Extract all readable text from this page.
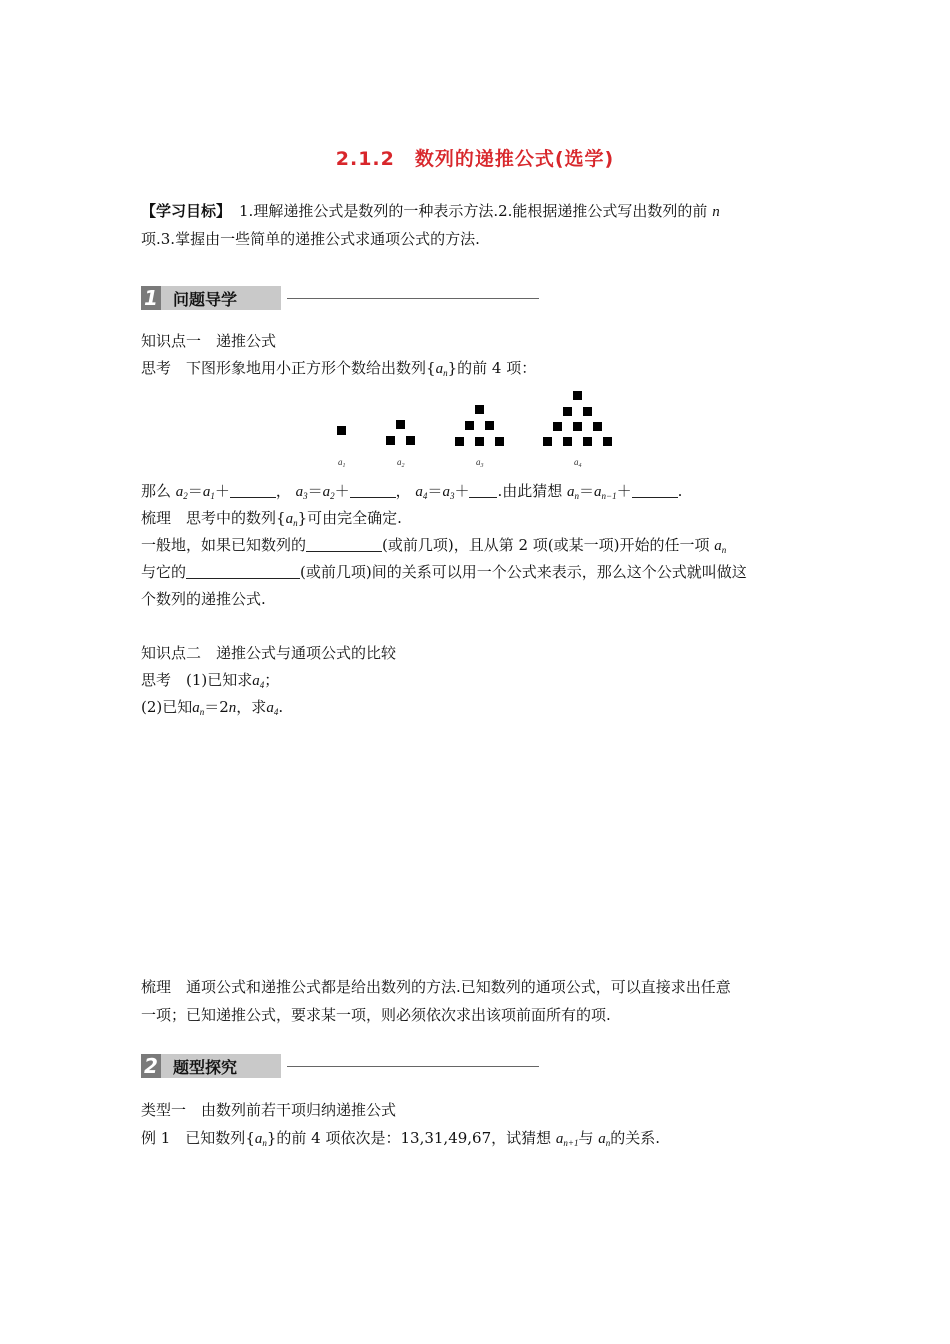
2.1.2　数列的递推公式(选学)
【学习目标】 1.理解递推公式是数列的一种表示方法.2.能根据递推公式写出数列的前 n
项.3.掌握由一些简单的递推公式求通项公式的方法.
1 问题导学
知识点一　递推公式
思考　下图形象地用小正方形个数给出数列$\{a_n\}$的前 4 项：
$a_1$	$a_2$	$a_3$	$a_4$
那么 $a_2=a_1+$	， $a_3=a_2+$	， $a_4=a_3+$ .由此猜想 $a_n=a_{n-1}+$	.
梳理　思考中的数列$\{a_n\}$可由完全确定.
一般地，如果已知数列的	(或前几项)，且从第 2 项(或某一项)开始的任一项 $a_n$
与它的	(或前几项)间的关系可以用一个公式来表示，那么这个公式就叫做这
个数列的递推公式.
知识点二　递推公式与通项公式的比较
思考　(1)已知求$a_4$；
(2)已知$a_n=2n$，求$a_4$.
梳理　通项公式和递推公式都是给出数列的方法.已知数列的通项公式，可以直接求出任意
一项；已知递推公式，要求某一项，则必须依次求出该项前面所有的项.
2 题型探究
类型一　由数列前若干项归纳递推公式
例 1　已知数列$\{a_n\}$的前 4 项依次是：13,31,49,67，试猜想 $a_{n+1}$与 $a_n$的关系.
